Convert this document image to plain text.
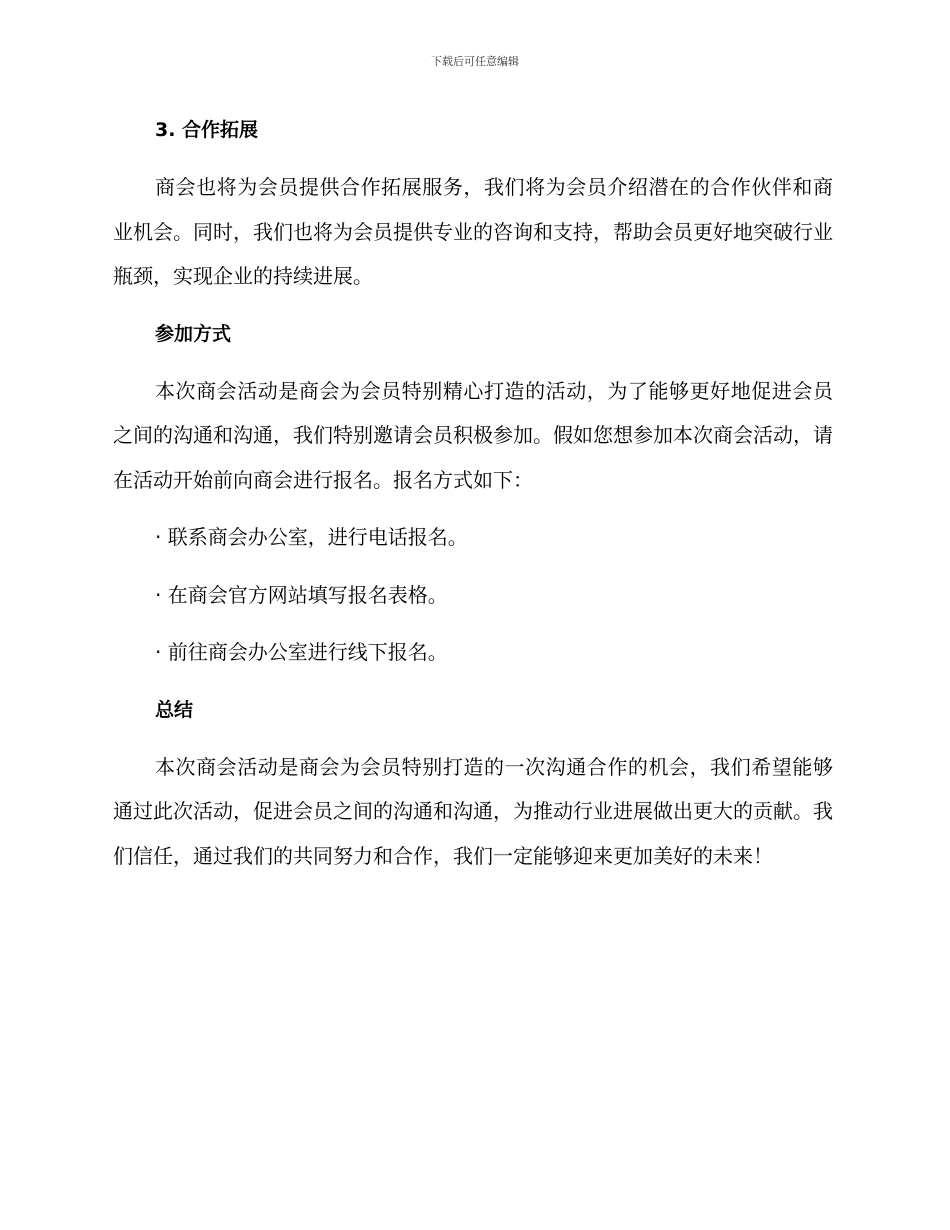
下载后可任意编辑
3. 合作拓展

商会也将为会员提供合作拓展服务，我们将为会员介绍潜在的合作伙伴和商业机会。同时，我们也将为会员提供专业的咨询和支持，帮助会员更好地突破行业瓶颈，实现企业的持续进展。

参加方式

本次商会活动是商会为会员特别精心打造的活动，为了能够更好地促进会员之间的沟通和沟通，我们特别邀请会员积极参加。假如您想参加本次商会活动，请在活动开始前向商会进行报名。报名方式如下：

· 联系商会办公室，进行电话报名。
· 在商会官方网站填写报名表格。
· 前往商会办公室进行线下报名。
总结

本次商会活动是商会为会员特别打造的一次沟通合作的机会，我们希望能够通过此次活动，促进会员之间的沟通和沟通，为推动行业进展做出更大的贡献。我们信任，通过我们的共同努力和合作，我们一定能够迎来更加美好的未来！
